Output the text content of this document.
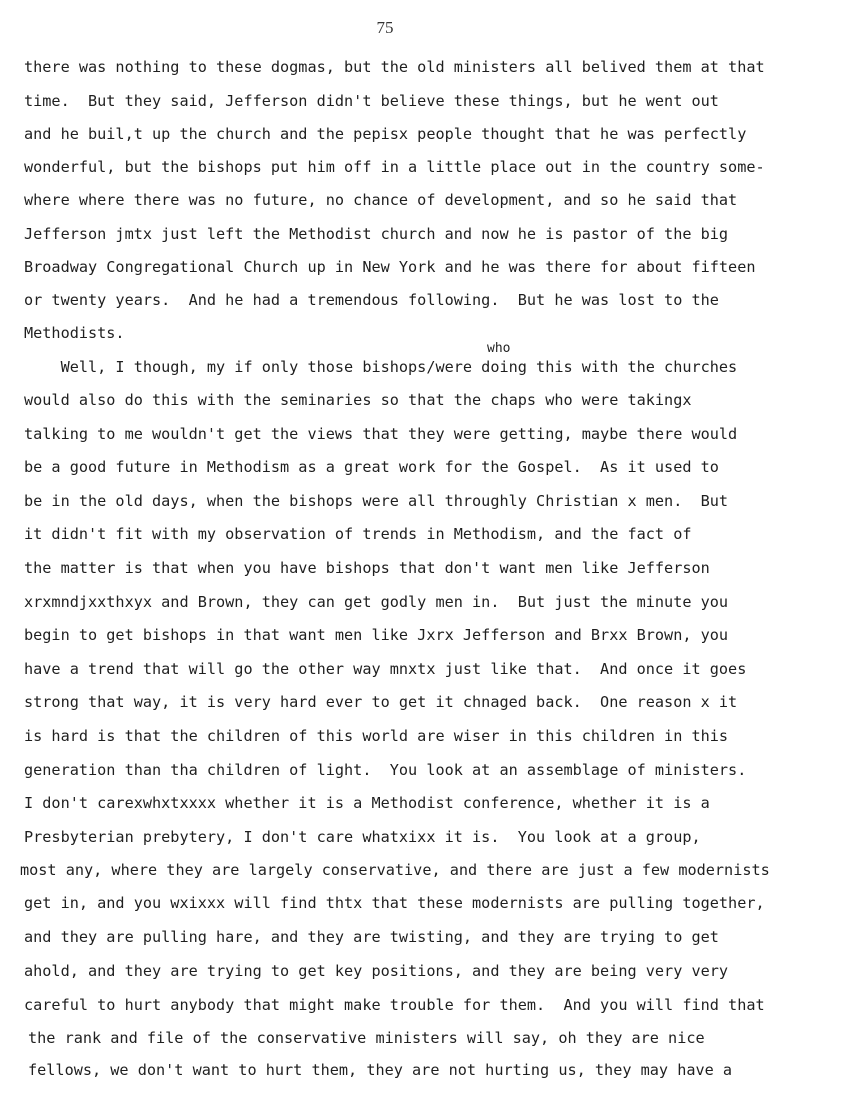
75
who
there was nothing to these dogmas, but the old ministers all belived them at that
time.  But they said, Jefferson didn't believe these things, but he went out
and he buil,t up the church and the pepisx people thought that he was perfectly
wonderful, but the bishops put him off in a little place out in the country some-
where where there was no future, no chance of development, and so he said that
Jefferson jmtx just left the Methodist church and now he is pastor of the big
Broadway Congregational Church up in New York and he was there for about fifteen
or twenty years.  And he had a tremendous following.  But he was lost to the
Methodists.
Well, I though, my if only those bishops/were doing this with the churches
would also do this with the seminaries so that the chaps who were takingx
talking to me wouldn't get the views that they were getting, maybe there would
be a good future in Methodism as a great work for the Gospel.  As it used to
be in the old days, when the bishops were all throughly Christian x men.  But
it didn't fit with my observation of trends in Methodism, and the fact of
the matter is that when you have bishops that don't want men like Jefferson
xrxmndjxxthxyx and Brown, they can get godly men in.  But just the minute you
begin to get bishops in that want men like Jxrx Jefferson and Brxx Brown, you
have a trend that will go the other way mnxtx just like that.  And once it goes
strong that way, it is very hard ever to get it chnaged back.  One reason x it
is hard is that the children of this world are wiser in this children in this
generation than tha children of light.  You look at an assemblage of ministers.
I don't carexwhxtxxxx whether it is a Methodist conference, whether it is a
Presbyterian prebytery, I don't care whatxixx it is.  You look at a group,
most any, where they are largely conservative, and there are just a few modernists
get in, and you wxixxx will find thtx that these modernists are pulling together,
and they are pulling hare, and they are twisting, and they are trying to get
ahold, and they are trying to get key positions, and they are being very very
careful to hurt anybody that might make trouble for them.  And you will find that
the rank and file of the conservative ministers will say, oh they are nice
fellows, we don't want to hurt them, they are not hurting us, they may have a
